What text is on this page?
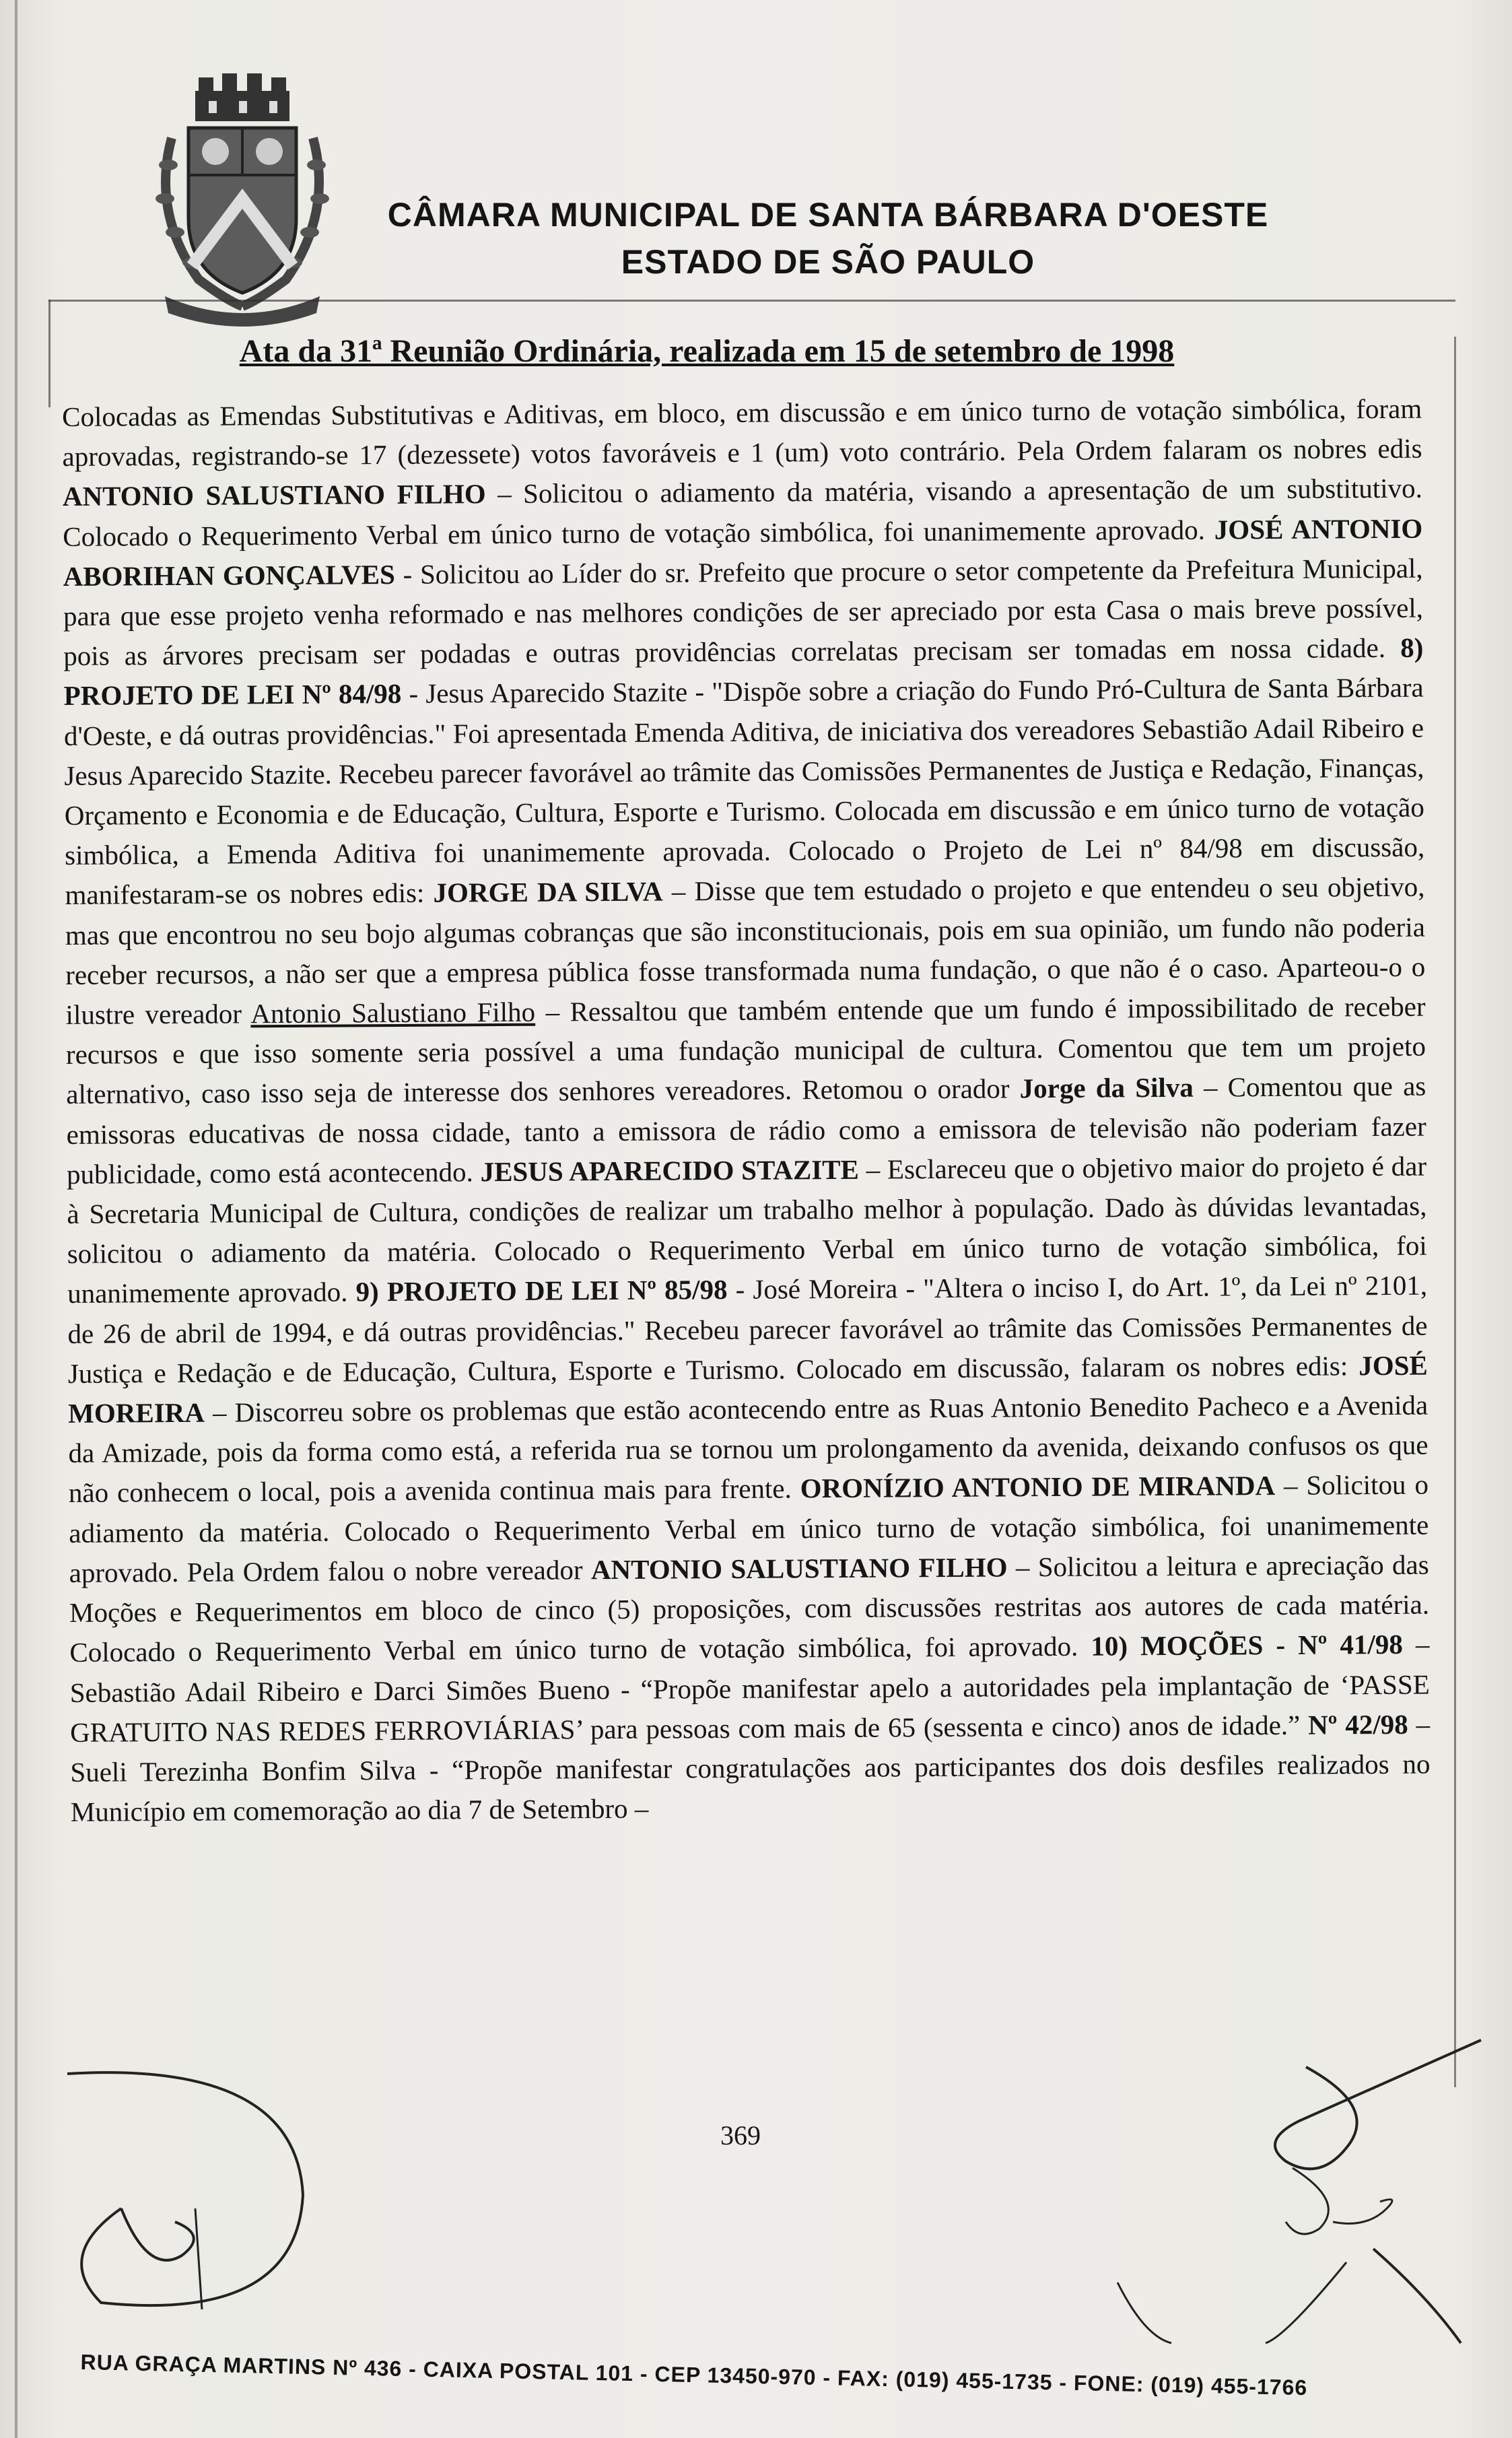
CÂMARA MUNICIPAL DE SANTA BÁRBARA D'OESTE
ESTADO DE SÃO PAULO
Ata da 31ª Reunião Ordinária, realizada em 15 de setembro de 1998

Colocadas as Emendas Substitutivas e Aditivas, em bloco, em discussão e em único turno de votação simbólica, foram aprovadas, registrando-se 17 (dezessete) votos favoráveis e 1 (um) voto contrário. Pela Ordem falaram os nobres edis ANTONIO SALUSTIANO FILHO – Solicitou o adiamento da matéria, visando a apresentação de um substitutivo. Colocado o Requerimento Verbal em único turno de votação simbólica, foi unanimemente aprovado. JOSÉ ANTONIO ABORIHAN GONÇALVES - Solicitou ao Líder do sr. Prefeito que procure o setor competente da Prefeitura Municipal, para que esse projeto venha reformado e nas melhores condições de ser apreciado por esta Casa o mais breve possível, pois as árvores precisam ser podadas e outras providências correlatas precisam ser tomadas em nossa cidade. 8) PROJETO DE LEI Nº 84/98 - Jesus Aparecido Stazite - "Dispõe sobre a criação do Fundo Pró-Cultura de Santa Bárbara d'Oeste, e dá outras providências." Foi apresentada Emenda Aditiva, de iniciativa dos vereadores Sebastião Adail Ribeiro e Jesus Aparecido Stazite. Recebeu parecer favorável ao trâmite das Comissões Permanentes de Justiça e Redação, Finanças, Orçamento e Economia e de Educação, Cultura, Esporte e Turismo. Colocada em discussão e em único turno de votação simbólica, a Emenda Aditiva foi unanimemente aprovada. Colocado o Projeto de Lei nº 84/98 em discussão, manifestaram-se os nobres edis: JORGE DA SILVA – Disse que tem estudado o projeto e que entendeu o seu objetivo, mas que encontrou no seu bojo algumas cobranças que são inconstitucionais, pois em sua opinião, um fundo não poderia receber recursos, a não ser que a empresa pública fosse transformada numa fundação, o que não é o caso. Aparteou-o o ilustre vereador Antonio Salustiano Filho – Ressaltou que também entende que um fundo é impossibilitado de receber recursos e que isso somente seria possível a uma fundação municipal de cultura. Comentou que tem um projeto alternativo, caso isso seja de interesse dos senhores vereadores. Retomou o orador Jorge da Silva – Comentou que as emissoras educativas de nossa cidade, tanto a emissora de rádio como a emissora de televisão não poderiam fazer publicidade, como está acontecendo. JESUS APARECIDO STAZITE – Esclareceu que o objetivo maior do projeto é dar à Secretaria Municipal de Cultura, condições de realizar um trabalho melhor à população. Dado às dúvidas levantadas, solicitou o adiamento da matéria. Colocado o Requerimento Verbal em único turno de votação simbólica, foi unanimemente aprovado. 9) PROJETO DE LEI Nº 85/98 - José Moreira - "Altera o inciso I, do Art. 1º, da Lei nº 2101, de 26 de abril de 1994, e dá outras providências." Recebeu parecer favorável ao trâmite das Comissões Permanentes de Justiça e Redação e de Educação, Cultura, Esporte e Turismo. Colocado em discussão, falaram os nobres edis: JOSÉ MOREIRA – Discorreu sobre os problemas que estão acontecendo entre as Ruas Antonio Benedito Pacheco e a Avenida da Amizade, pois da forma como está, a referida rua se tornou um prolongamento da avenida, deixando confusos os que não conhecem o local, pois a avenida continua mais para frente. ORONÍZIO ANTONIO DE MIRANDA – Solicitou o adiamento da matéria. Colocado o Requerimento Verbal em único turno de votação simbólica, foi unanimemente aprovado. Pela Ordem falou o nobre vereador ANTONIO SALUSTIANO FILHO – Solicitou a leitura e apreciação das Moções e Requerimentos em bloco de cinco (5) proposições, com discussões restritas aos autores de cada matéria. Colocado o Requerimento Verbal em único turno de votação simbólica, foi aprovado. 10) MOÇÕES - Nº 41/98 – Sebastião Adail Ribeiro e Darci Simões Bueno - “Propõe manifestar apelo a autoridades pela implantação de ‘PASSE GRATUITO NAS REDES FERROVIÁRIAS’ para pessoas com mais de 65 (sessenta e cinco) anos de idade.” Nº 42/98 – Sueli Terezinha Bonfim Silva - “Propõe manifestar congratulações aos participantes dos dois desfiles realizados no Município em comemoração ao dia 7 de Setembro –

369
RUA GRAÇA MARTINS Nº 436 - CAIXA POSTAL 101 - CEP 13450-970 - FAX: (019) 455-1735 - FONE: (019) 455-1766
